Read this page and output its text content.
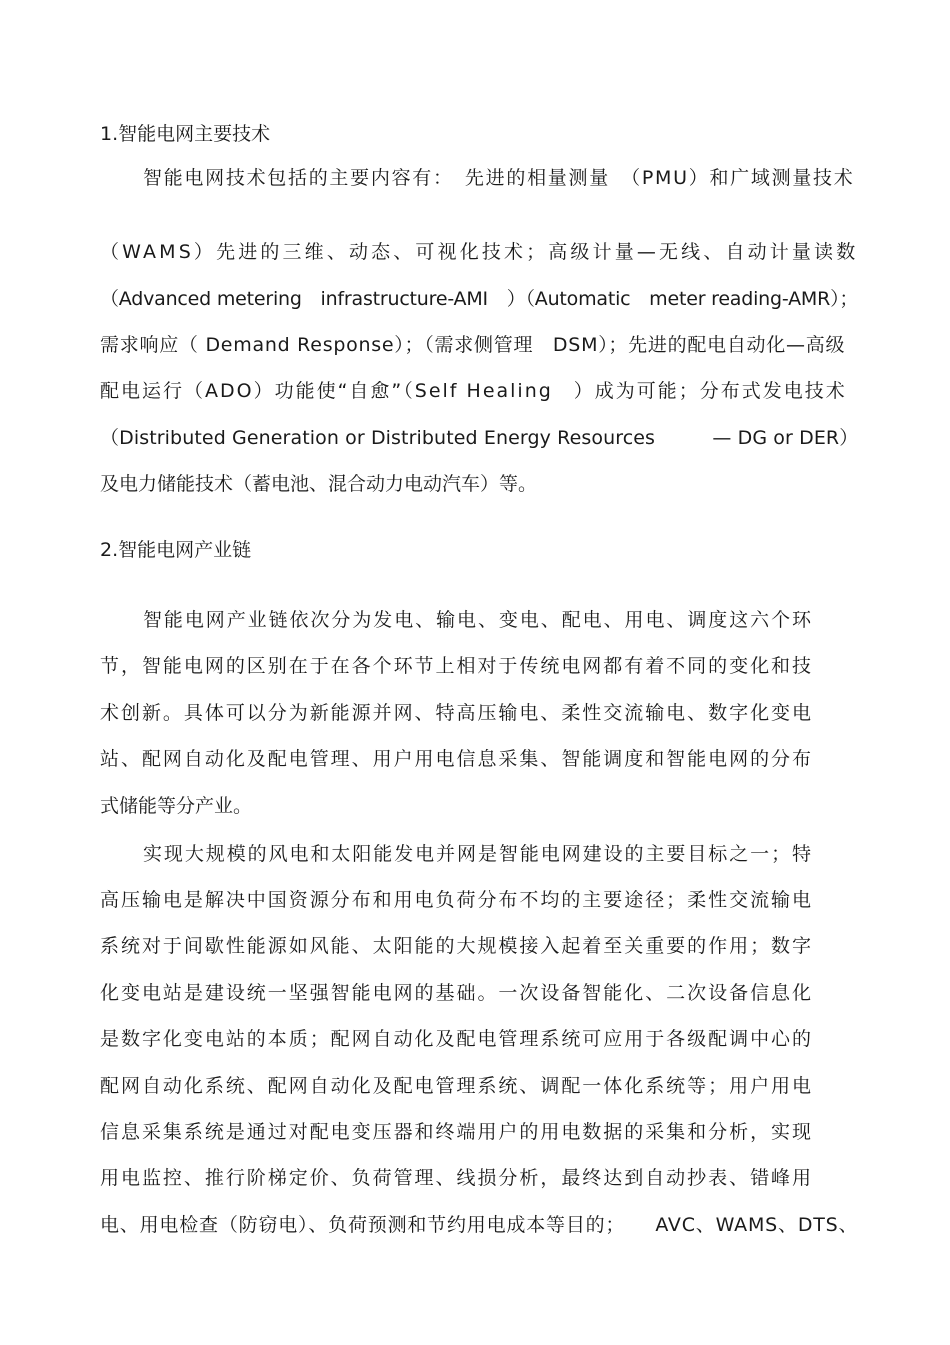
1.智能电网主要技术
智能电网技术包括的主要内容有：　先进的相量测量　（PMU）和广域测量技术
（WAMS）先进的三维、动态、可视化技术；高级计量—无线、自动计量读数
（Advanced metering　infrastructure-AMI　）（Automatic　meter reading-AMR）；
需求响应（ Demand Response）；（需求侧管理　DSM）；先进的配电自动化—高级
配电运行（ADO）功能使“自愈”（Self Healing　）成为可能；分布式发电技术
（Distributed Generation or Distributed Energy Resources　　　— DG or DER）
及电力储能技术（蓄电池、混合动力电动汽车）等。
2.智能电网产业链
智能电网产业链依次分为发电、输电、变电、配电、用电、调度这六个环
节，智能电网的区别在于在各个环节上相对于传统电网都有着不同的变化和技
术创新。具体可以分为新能源并网、特高压输电、柔性交流输电、数字化变电
站、配网自动化及配电管理、用户用电信息采集、智能调度和智能电网的分布
式储能等分产业。
实现大规模的风电和太阳能发电并网是智能电网建设的主要目标之一；特
高压输电是解决中国资源分布和用电负荷分布不均的主要途径；柔性交流输电
系统对于间歇性能源如风能、太阳能的大规模接入起着至关重要的作用；数字
化变电站是建设统一坚强智能电网的基础。一次设备智能化、二次设备信息化
是数字化变电站的本质；配网自动化及配电管理系统可应用于各级配调中心的
配网自动化系统、配网自动化及配电管理系统、调配一体化系统等；用户用电
信息采集系统是通过对配电变压器和终端用户的用电数据的采集和分析，实现
用电监控、推行阶梯定价、负荷管理、线损分析，最终达到自动抄表、错峰用
电、用电检查（防窃电）、负荷预测和节约用电成本等目的；　　AVC、WAMS、DTS、
